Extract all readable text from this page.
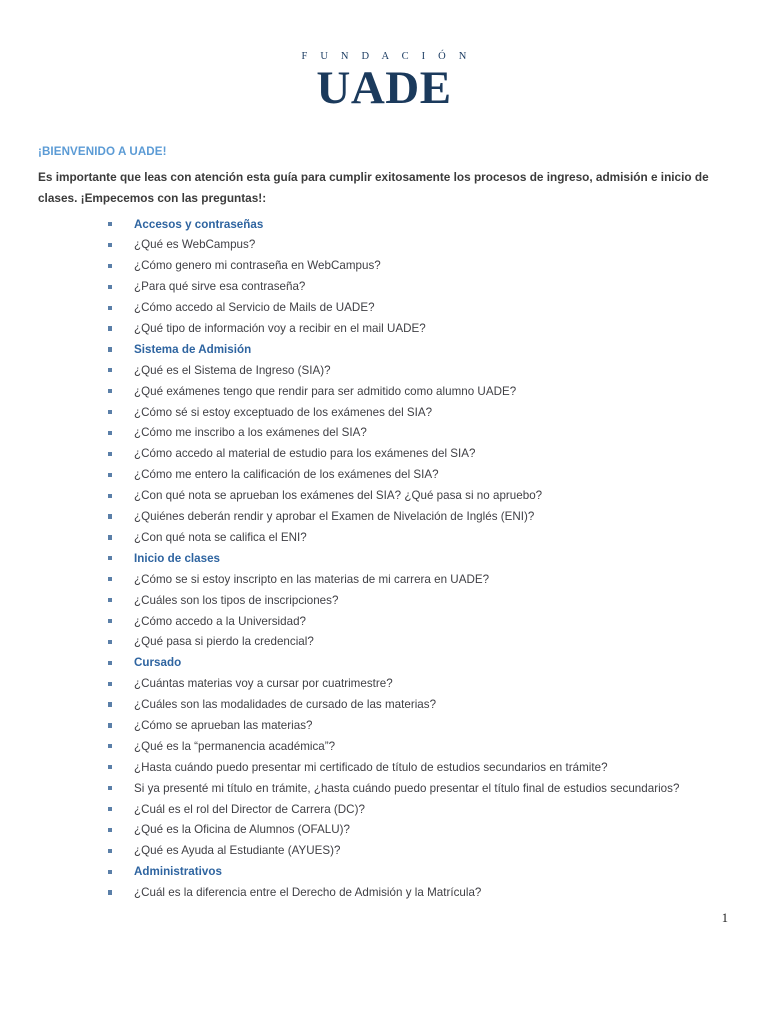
F U N D A C I Ó N
UADE

¡BIENVENIDO A UADE!

Es importante que leas con atención esta guía para cumplir exitosamente los procesos de ingreso, admisión e inicio de clases. ¡Empecemos con las preguntas!:

Accesos y contraseñas
¿Qué es WebCampus?
¿Cómo genero mi contraseña en WebCampus?
¿Para qué sirve esa contraseña?
¿Cómo accedo al Servicio de Mails de UADE?
¿Qué tipo de información voy a recibir en el mail UADE?
Sistema de Admisión
¿Qué es el Sistema de Ingreso (SIA)?
¿Qué exámenes tengo que rendir para ser admitido como alumno UADE?
¿Cómo sé si estoy exceptuado de los exámenes del SIA?
¿Cómo me inscribo a los exámenes del SIA?
¿Cómo accedo al material de estudio para los exámenes del SIA?
¿Cómo me entero la calificación de los exámenes del SIA?
¿Con qué nota se aprueban los exámenes del SIA? ¿Qué pasa si no apruebo?
¿Quiénes deberán rendir y aprobar el Examen de Nivelación de Inglés (ENI)?
¿Con qué nota se califica el ENI?
Inicio de clases
¿Cómo se si estoy inscripto en las materias de mi carrera en UADE?
¿Cuáles son los tipos de inscripciones?
¿Cómo accedo a la Universidad?
¿Qué pasa si pierdo la credencial?
Cursado
¿Cuántas materias voy a cursar por cuatrimestre?
¿Cuáles son las modalidades de cursado de las materias?
¿Cómo se aprueban las materias?
¿Qué es la “permanencia académica”?
¿Hasta cuándo puedo presentar mi certificado de título de estudios secundarios en trámite?
Si ya presenté mi título en trámite, ¿hasta cuándo puedo presentar el título final de estudios secundarios?
¿Cuál es el rol del Director de Carrera (DC)?
¿Qué es la Oficina de Alumnos (OFALU)?
¿Qué es Ayuda al Estudiante (AYUES)?
Administrativos
¿Cuál es la diferencia entre el Derecho de Admisión y la Matrícula?
1
